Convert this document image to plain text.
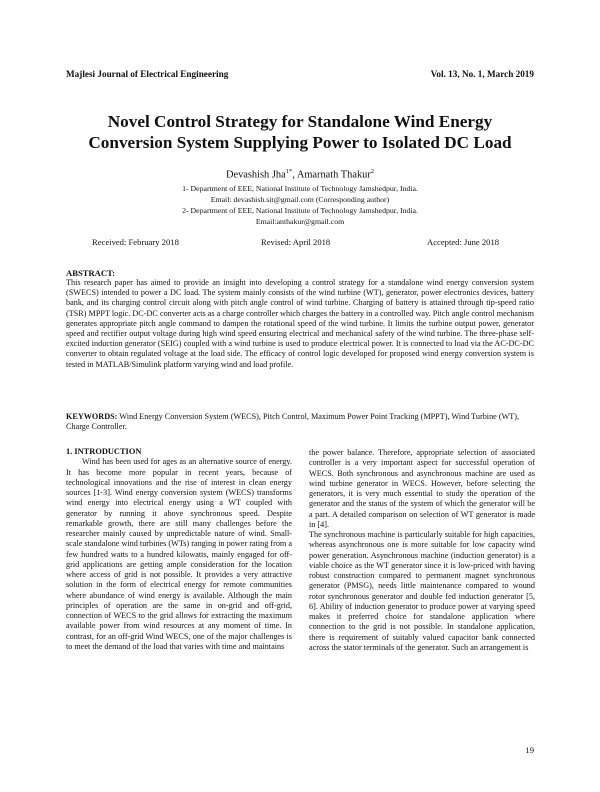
Majlesi Journal of Electrical Engineering	Vol. 13, No. 1, March 2019
Novel Control Strategy for Standalone Wind Energy
Conversion System Supplying Power to Isolated DC Load
Devashish Jha$^{1*}$, Amarnath Thakur$^2$
1- Department of EEE, National Institute of Technology Jamshedpur, India.
Email: devashish.sit@gmail.com (Corresponding author)
2- Department of EEE, National Institute of Technology Jamshedpur, India.
Email:anthakur@gmail.com
Received: February 2018	Revised: April 2018	Accepted: June 2018
ABSTRACT:
This research paper has aimed to provide an insight into developing a control strategy for a standalone wind energy conversion system (SWECS) intended to power a DC load. The system mainly consists of the wind turbine (WT), generator, power electronics devices, battery bank, and its charging control circuit along with pitch angle control of wind turbine. Charging of battery is attained through tip-speed ratio (TSR) MPPT logic. DC-DC converter acts as a charge controller which charges the battery in a controlled way. Pitch angle control mechanism generates appropriate pitch angle command to dampen the rotational speed of the wind turbine. It limits the turbine output power, generator speed and rectifier output voltage during high wind speed ensuring electrical and mechanical safety of the wind turbine. The three-phase self-excited induction generator (SEIG) coupled with a wind turbine is used to produce electrical power. It is connected to load via the AC-DC-DC converter to obtain regulated voltage at the load side. The efficacy of control logic developed for proposed wind energy conversion system is tested in MATLAB/Simulink platform varying wind and load profile.
KEYWORDS: Wind Energy Conversion System (WECS), Pitch Control, Maximum Power Point Tracking (MPPT), Wind Turbine (WT), Charge Controller.

1. INTRODUCTION

Wind has been used for ages as an alternative source of energy. It has become more popular in recent years, because of technological innovations and the rise of interest in clean energy sources [1-3]. Wind energy conversion system (WECS) transforms wind energy into electrical energy using a WT coupled with generator by running it above synchronous speed. Despite remarkable growth, there are still many challenges before the researcher mainly caused by unpredictable nature of wind. Small-scale standalone wind turbines (WTs) ranging in power rating from a few hundred watts to a hundred kilowatts, mainly engaged for off-grid applications are getting ample consideration for the location where access of grid is not possible. It provides a very attractive solution in the form of electrical energy for remote communities where abundance of wind energy is available. Although the main principles of operation are the same in on-grid and off-grid, connection of WECS to the grid allows for extracting the maximum available power from wind resources at any moment of time. In contrast, for an off-grid Wind WECS, one of the major challenges is to meet the demand of the load that varies with time and maintains

the power balance. Therefore, appropriate selection of associated controller is a very important aspect for successful operation of WECS. Both synchronous and asynchronous machine are used as wind turbine generator in WECS. However, before selecting the generators, it is very much essential to study the operation of the generator and the status of the system of which the generator will be a part. A detailed comparison on selection of WT generator is made in [4].

The synchronous machine is particularly suitable for high capacities, whereas asynchronous one is more suitable for low capacity wind power generation. Asynchronous machine (induction generator) is a viable choice as the WT generator since it is low-priced with having robust construction compared to permanent magnet synchronous generator (PMSG), needs little maintenance compared to wound rotor synchronous generator and double fed induction generator [5, 6]. Ability of induction generator to produce power at varying speed makes it preferred choice for standalone application where connection to the grid is not possible. In standalone application, there is requirement of suitably valued capacitor bank connected across the stator terminals of the generator. Such an arrangement is

19
